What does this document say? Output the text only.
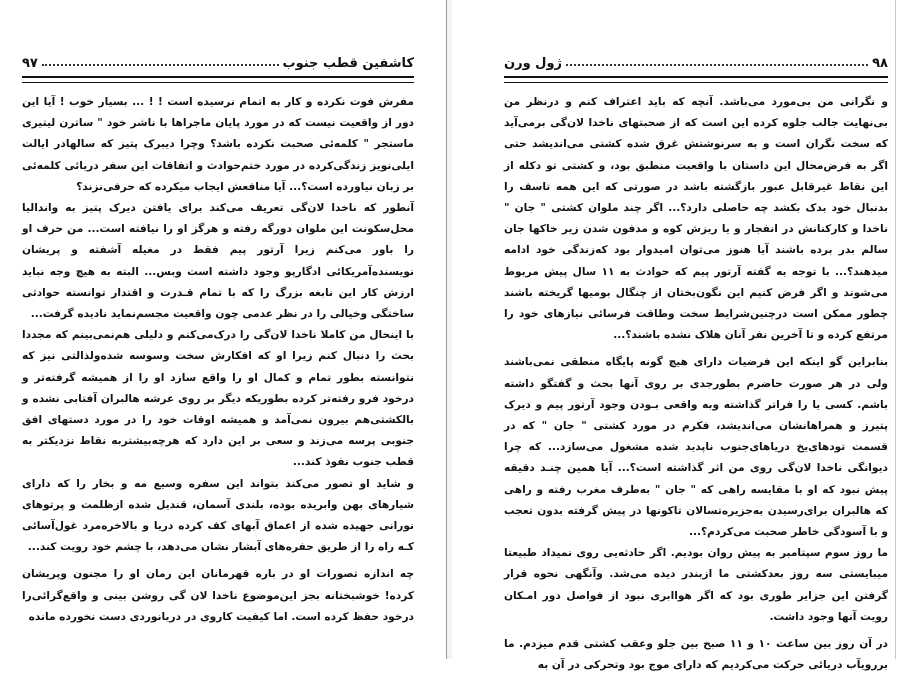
۹۷	کاشفین قطب جنوب

مفرش فوت نکرده و کار به اتمام نرسیده است ! ! ... بسیار خوب ! آیا این دور از واقعیت نیست که در مورد پایان ماجراها با ناشر خود " ساترن لیتیری ماستجر " کلمه‌ئی صحبت نکرده باشد؟ وچرا دیبرک پتیز که سالهادر ایالت ایلی‌نویز زندگی‌کرده در مورد ختم‌حوادث و اتفاقات این سفر دریائی کلمه‌ئی بر زبان نیاورده است؟... آیا منافعش ایجاب میکرده که حرفی‌نزند؟

آنطور که ناخدا لان‌گی تعریف می‌کند برای یافتن دیرک پتیز به وانداليا محل‌سکونت این ملوان دورگه رفته و هرگز او را نیافته است... من حرف او را باور می‌کنم زیرا آرتور پیم فقط در مغیله آشفته و پریشان نویسنده‌آمریکائی ادگارپو وجود داشته است وبس... البته به هیچ وجه نباید ارزش کار این نابغه بزرگ را که با تمام قـدرت و اقتدار توانسته حوادثی ساختگی وخیالی را در نظر عدمی چون واقعیت مجسم‌نماید نادیده گرفت...

با اینحال من کاملا ناخدا لان‌گی را درک‌می‌کنم و دلیلی هم‌نمی‌بینم که مجددا بحث را دنبال کنم زیرا او که افکارش سخت وسوسه شده‌ولذا‌لتی نیز که نتوانسته بطور تمام و کمال او را واقع سازد او را از همیشه گرفته‌تر و درخود فرو رفته‌تر کرده بطوریکه دیگر بر روی عرشه هالبران آفتابی نشده و بالکشتی‌هم بیرون نمی‌آمد و همیشه اوقات خود را در مورد دستهای افق جنوبی پرسه می‌زند و سعی بر این دارد که هرچه‌بیشتربه نقاط نزدیکتر به قطب جنوب نفوذ کند...

و شاید او تصور می‌کند بتواند این سفره وسیع مه و بخار را که دارای شیارهای بهن وابریده بوده، بلندی آسمان، قندیل شده ازظلمت و پرتوهای نورانی جهیده شده از اعماق آبهای کف کرده دریا و بالاخره‌مرد غول‌آسائی کـه راه را از طریق حفره‌های آبشار نشان می‌دهد، با چشم خود رویت کند...

چه اندازه تصورات او در باره قهرمانان این رمان او را مجنون وپریشان کرده! خوشبختانه بجز این‌موضوع ناخدا لان گی روشن بینی و واقع‌گرائی‌را درخود حفظ کرده است. اما کیفیت کاروی در دریانوردی دست نخورده مانده

ژول ورن	۹۸

و نگرانی من بی‌مورد می‌باشد. آنچه که باید اعتراف کنم و درنظر من بی‌نهایت جالب جلوه کرده این است که از صحبتهای ناخدا لان‌گی برمی‌آید که سخت نگران است و به سرنوشتش غرق شده کشتی می‌اندیشد حتی اگر به فرض‌محال این داستان با واقعیت منطبق بود، و کشتی تو دکله از این نقاط غیرقابل عبور بازگشته باشد در صورتی که این همه تاسف را بدنبال خود بدک بکشد چه حاصلی دارد؟... اگر چند ملوان کشتی " جان " ناخدا و کارکنانش در انفجار و یا ریزش کوه و مدفون شدن زیر خاکها جان سالم بدر برده باشند آیا هنوز می‌توان امیدوار بود که‌زندگی خود ادامه میدهند؟... با توجه به گفته آرتور پیم که حوادث به ۱۱ سال پیش مربوط می‌شوند و اگر فرض کنیم این نگون‌بختان از چنگال بومیها گریخته باشند چطور ممکن است درچنین‌شرایط سخت وطاقت فرسائی نیازهای خود را مرتفع کرده و تا آخرین نفر آنان هلاک نشده باشند؟...

بنابراین گو اینکه این فرضیات دارای هیچ گونه پایگاه منطقی نمی‌باشند ولی در هر صورت حاضرم بطورجدی بر روی آنها بحث و گفتگو داشته باشم. کسی یا را فراتر گذاشته وبه واقعی بـودن وجود آرتور پیم و دیرک پتیرز و همراهانشان می‌اندیشد، فکرم در مورد کشتی " جان " که در قسمت تودهای‌یخ دریاهای‌جنوب ناپدید شده مشغول می‌سازد... که چرا دیوانگی ناخدا لان‌گی روی من اثر گذاشته است؟... آیا همین چنـد دقیقه پیش نبود که او با مقایسه راهی که " جان " به‌طرف مغرب رفته و راهی که هالبران برای‌رسیدن به‌جزیره‌تسالان تاکونها در پیش گرفته بدون تعجب و با آسودگی خاطر صحبت می‌کردم؟...

ما روز سوم سپتامبر به پیش روان بودیم. اگر حادثه‌یی روی نمیداد طبیعتا میبایستی سه روز بعدکشتی ما ازبندر دیده می‌شد. وآنگهی نحوه قرار گرفتن این جزایر طوری بود که اگر هواابری نبود از فواصل دور امـکان رویت آنها وجود داشت.

در آن روز بین ساعت ۱۰ و ۱۱ صبح بین جلو وعقب کشتی قدم میزدم. ما بررویآب دریائی حرکت می‌کردیم که دارای موج بود وتحرکی در آن به
